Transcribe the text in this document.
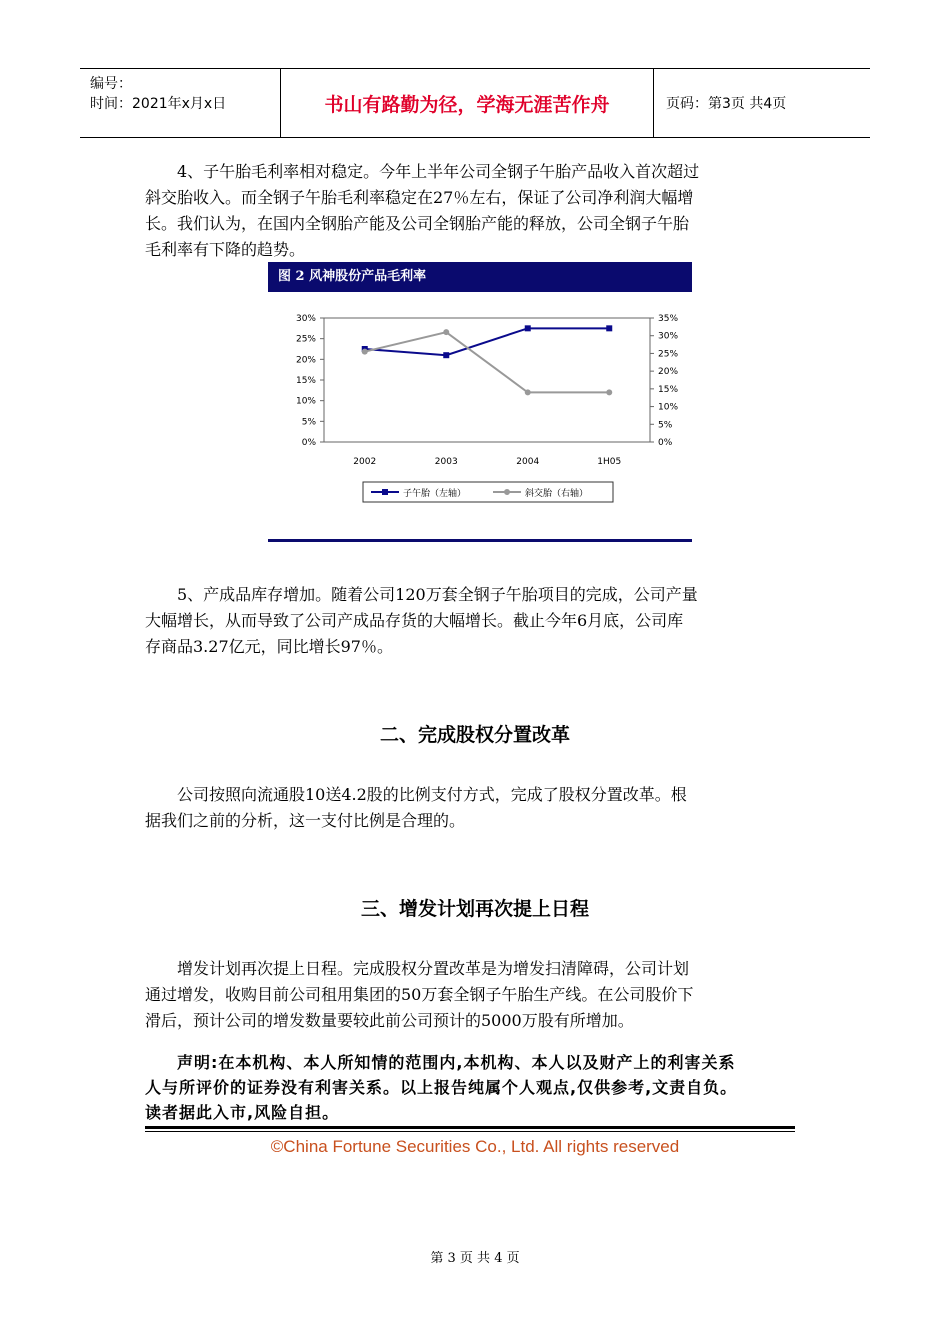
编号：
时间：2021年x月x日	书山有路勤为径，学海无涯苦作舟	页码：第3页 共4页
4、子午胎毛利率相对稳定。今年上半年公司全钢子午胎产品收入首次超过
斜交胎收入。而全钢子午胎毛利率稳定在27％左右，保证了公司净利润大幅增
长。我们认为，在国内全钢胎产能及公司全钢胎产能的释放，公司全钢子午胎
毛利率有下降的趋势。
图 2 风神股份产品毛利率
30%
25%
20%
15%
10%
5%
0%
35%
30%
25%
20%
15%
10%
5%
0%
2002	2003	2004	1H05
子午胎（左轴）	斜交胎（右轴）
5、产成品库存增加。随着公司120万套全钢子午胎项目的完成，公司产量
大幅增长，从而导致了公司产成品存货的大幅增长。截止今年6月底，公司库
存商品3.27亿元，同比增长97％。
二、完成股权分置改革
公司按照向流通股10送4.2股的比例支付方式，完成了股权分置改革。根
据我们之前的分析，这一支付比例是合理的。
三、增发计划再次提上日程
增发计划再次提上日程。完成股权分置改革是为增发扫清障碍，公司计划
通过增发，收购目前公司租用集团的50万套全钢子午胎生产线。在公司股价下
滑后，预计公司的增发数量要较此前公司预计的5000万股有所增加。
声明:在本机构、本人所知情的范围内,本机构、本人以及财产上的利害关系
人与所评价的证券没有利害关系。以上报告纯属个人观点,仅供参考,文责自负。
读者据此入市,风险自担。
©China Fortune Securities Co., Ltd. All rights reserved
第 3 页 共 4 页
